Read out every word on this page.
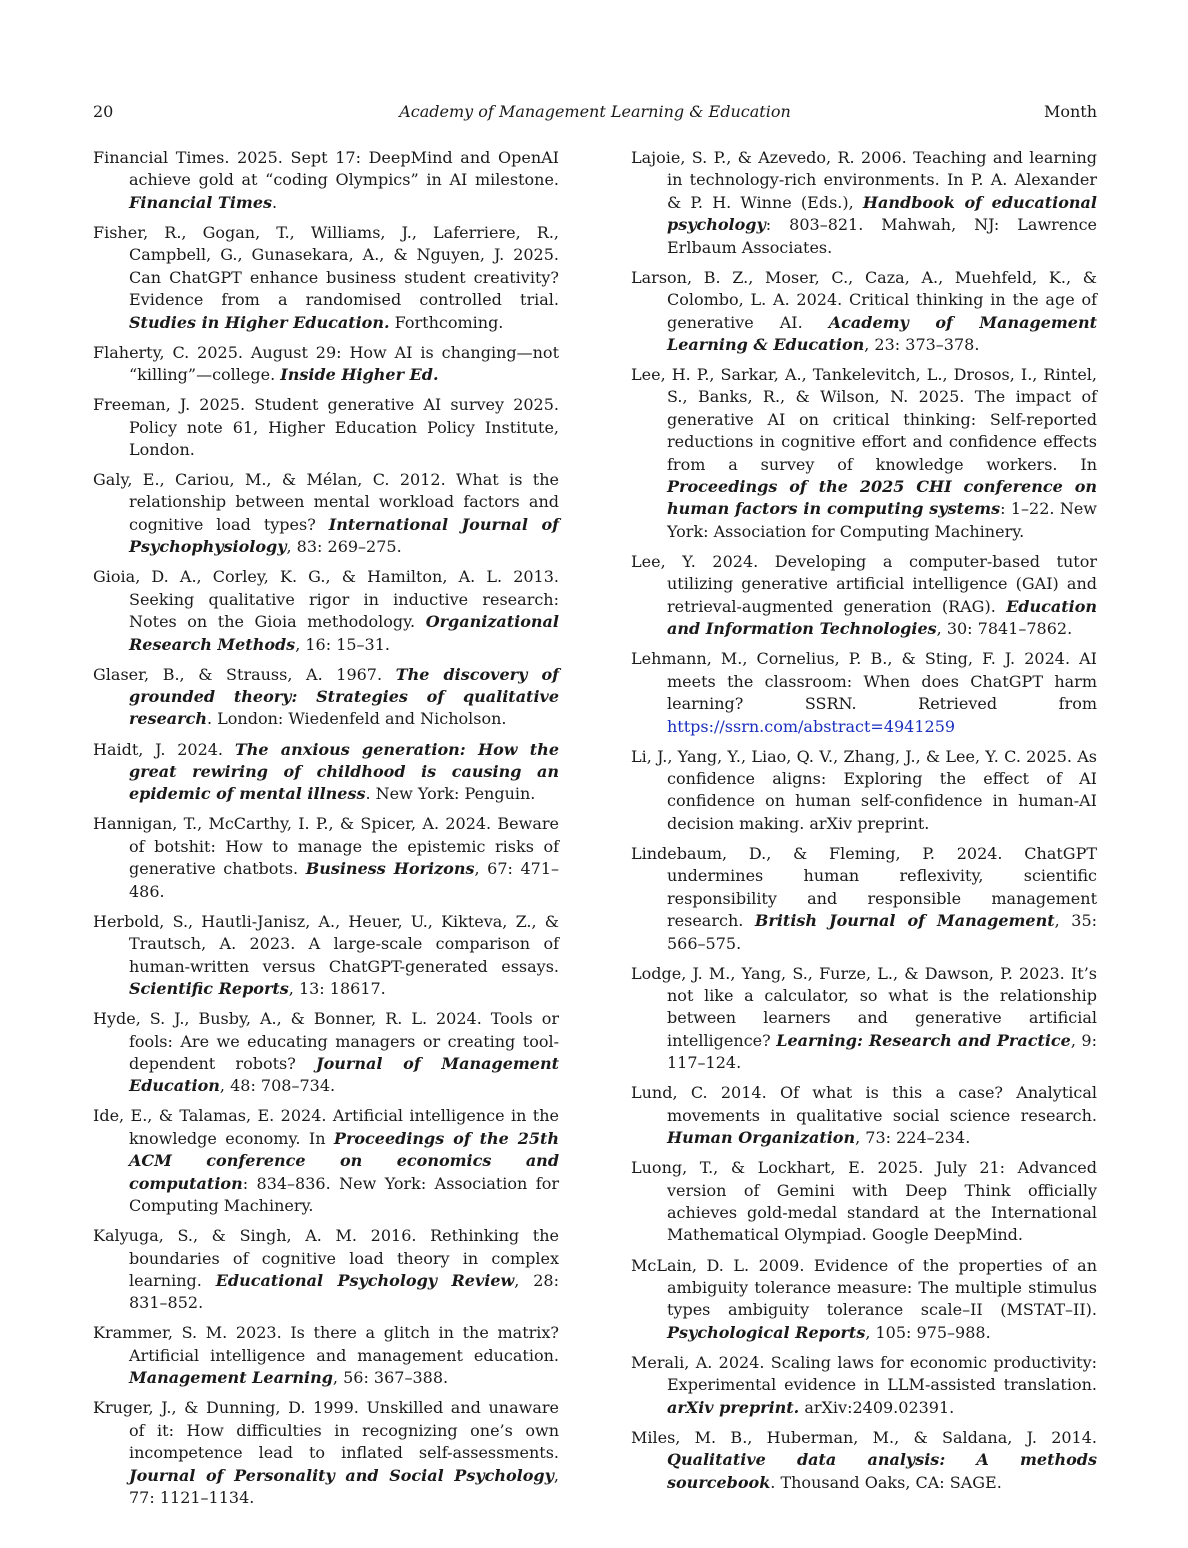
20	Academy of Management Learning & Education	Month

Financial Times. 2025. Sept 17: DeepMind and OpenAI achieve gold at “coding Olympics” in AI milestone. Financial Times.

Fisher, R., Gogan, T., Williams, J., Laferriere, R., Campbell, G., Gunasekara, A., & Nguyen, J. 2025. Can ChatGPT enhance business student creativity? Evidence from a randomised controlled trial. Studies in Higher Education. Forthcoming.

Flaherty, C. 2025. August 29: How AI is changing—not “killing”—college. Inside Higher Ed.

Freeman, J. 2025. Student generative AI survey 2025. Policy note 61, Higher Education Policy Institute, London.

Galy, E., Cariou, M., & Mélan, C. 2012. What is the relationship between mental workload factors and cognitive load types? International Journal of Psychophysiology, 83: 269–275.

Gioia, D. A., Corley, K. G., & Hamilton, A. L. 2013. Seeking qualitative rigor in inductive research: Notes on the Gioia methodology. Organizational Research Methods, 16: 15–31.

Glaser, B., & Strauss, A. 1967. The discovery of grounded theory: Strategies of qualitative research. London: Wiedenfeld and Nicholson.

Haidt, J. 2024. The anxious generation: How the great rewiring of childhood is causing an epidemic of mental illness. New York: Penguin.

Hannigan, T., McCarthy, I. P., & Spicer, A. 2024. Beware of botshit: How to manage the epistemic risks of generative chatbots. Business Horizons, 67: 471–486.

Herbold, S., Hautli-Janisz, A., Heuer, U., Kikteva, Z., & Trautsch, A. 2023. A large-scale comparison of human-written versus ChatGPT-generated essays. Scientific Reports, 13: 18617.

Hyde, S. J., Busby, A., & Bonner, R. L. 2024. Tools or fools: Are we educating managers or creating tool-dependent robots? Journal of Management Education, 48: 708–734.

Ide, E., & Talamas, E. 2024. Artificial intelligence in the knowledge economy. In Proceedings of the 25th ACM conference on economics and computation: 834–836. New York: Association for Computing Machinery.

Kalyuga, S., & Singh, A. M. 2016. Rethinking the boundaries of cognitive load theory in complex learning. Educational Psychology Review, 28: 831–852.

Krammer, S. M. 2023. Is there a glitch in the matrix? Artificial intelligence and management education. Management Learning, 56: 367–388.

Kruger, J., & Dunning, D. 1999. Unskilled and unaware of it: How difficulties in recognizing one’s own incompetence lead to inflated self-assessments. Journal of Personality and Social Psychology, 77: 1121–1134.

Lajoie, S. P., & Azevedo, R. 2006. Teaching and learning in technology-rich environments. In P. A. Alexander & P. H. Winne (Eds.), Handbook of educational psychology: 803–821. Mahwah, NJ: Lawrence Erlbaum Associates.

Larson, B. Z., Moser, C., Caza, A., Muehfeld, K., & Colombo, L. A. 2024. Critical thinking in the age of generative AI. Academy of Management Learning & Education, 23: 373–378.

Lee, H. P., Sarkar, A., Tankelevitch, L., Drosos, I., Rintel, S., Banks, R., & Wilson, N. 2025. The impact of generative AI on critical thinking: Self-reported reductions in cognitive effort and confidence effects from a survey of knowledge workers. In Proceedings of the 2025 CHI conference on human factors in computing systems: 1–22. New York: Association for Computing Machinery.

Lee, Y. 2024. Developing a computer-based tutor utilizing generative artificial intelligence (GAI) and retrieval-augmented generation (RAG). Education and Information Technologies, 30: 7841–7862.

Lehmann, M., Cornelius, P. B., & Sting, F. J. 2024. AI meets the classroom: When does ChatGPT harm learning? SSRN. Retrieved from https://ssrn.com/abstract=4941259

Li, J., Yang, Y., Liao, Q. V., Zhang, J., & Lee, Y. C. 2025. As confidence aligns: Exploring the effect of AI confidence on human self-confidence in human-AI decision making. arXiv preprint.

Lindebaum, D., & Fleming, P. 2024. ChatGPT undermines human reflexivity, scientific responsibility and responsible management research. British Journal of Management, 35: 566–575.

Lodge, J. M., Yang, S., Furze, L., & Dawson, P. 2023. It’s not like a calculator, so what is the relationship between learners and generative artificial intelligence? Learning: Research and Practice, 9: 117–124.

Lund, C. 2014. Of what is this a case? Analytical movements in qualitative social science research. Human Organization, 73: 224–234.

Luong, T., & Lockhart, E. 2025. July 21: Advanced version of Gemini with Deep Think officially achieves gold-medal standard at the International Mathematical Olympiad. Google DeepMind.

McLain, D. L. 2009. Evidence of the properties of an ambiguity tolerance measure: The multiple stimulus types ambiguity tolerance scale–II (MSTAT–II). Psychological Reports, 105: 975–988.

Merali, A. 2024. Scaling laws for economic productivity: Experimental evidence in LLM-assisted translation. arXiv preprint. arXiv:2409.02391.

Miles, M. B., Huberman, M., & Saldana, J. 2014. Qualitative data analysis: A methods sourcebook. Thousand Oaks, CA: SAGE.
